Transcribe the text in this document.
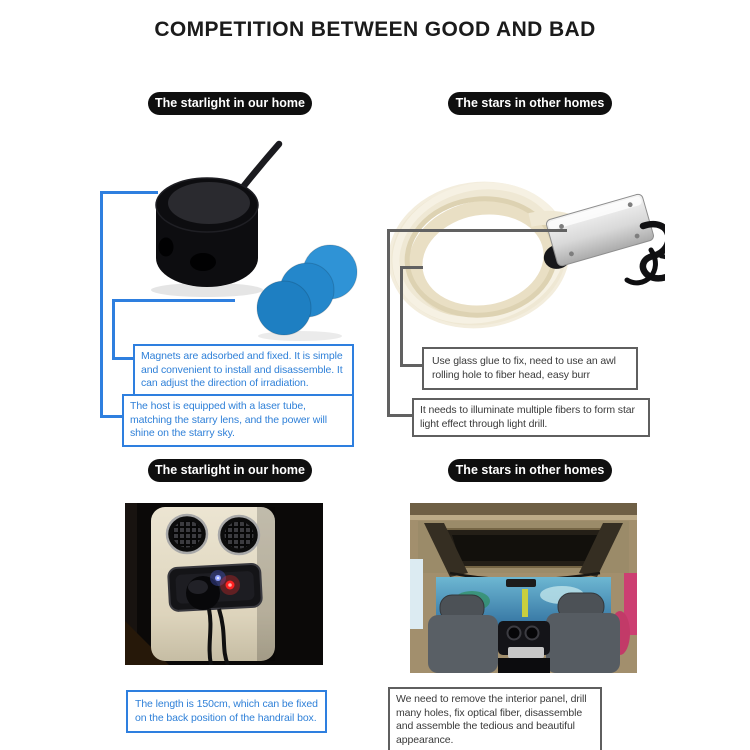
COMPETITION BETWEEN GOOD AND BAD
The starlight in our home	The stars in other homes
Magnets are adsorbed and fixed. It is simple and convenient to install and disassemble. It can adjust the direction of irradiation.
The host is equipped with a laser tube, matching the starry lens, and the power will shine on the starry sky.
Use glass glue to fix, need to use an awl rolling hole to fiber head, easy burr
It needs to illuminate multiple fibers to form star light effect through light drill.
The starlight in our home	The stars in other homes
The length is 150cm, which can be fixed on the back position of the handrail box.
We need to remove the interior panel, drill many holes, fix optical fiber, disassemble and assemble the tedious and beautiful appearance.
